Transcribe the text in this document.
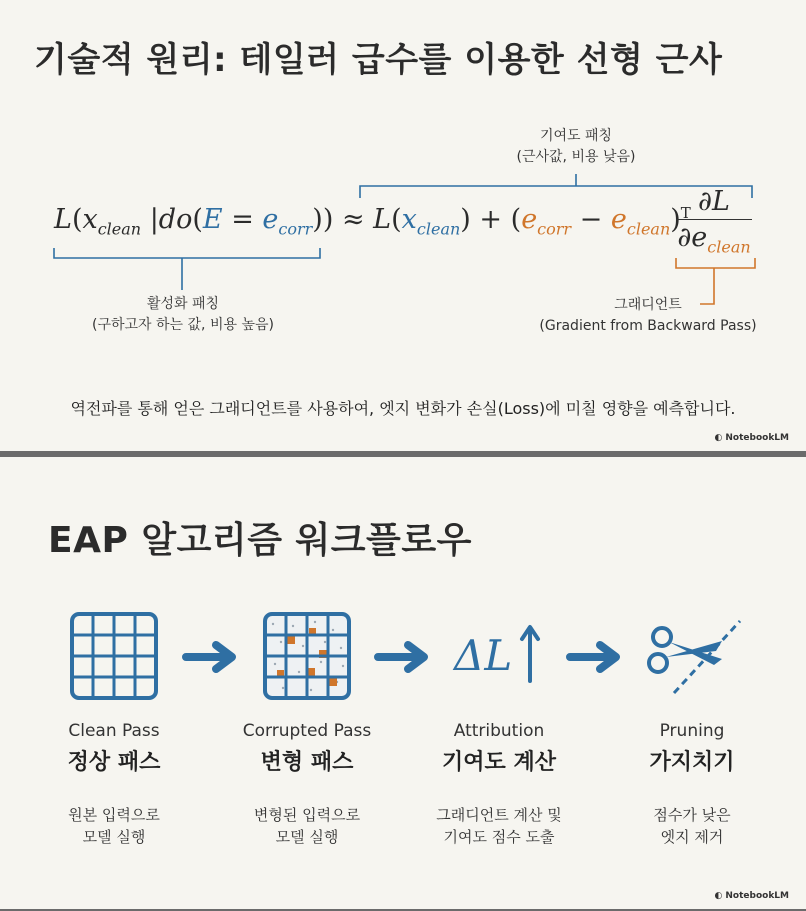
기술적 원리: 테일러 급수를 이용한 선형 근사
기여도 패칭
(근사값, 비용 낮음)
$L(x_{clean}$ $|do(E = e_{corr})) \approx L(x_{clean}) + (e_{corr} - e_{clean})^T$ ∂L
$\partial e_{clean}$
활성화 패칭
(구하고자 하는 값, 비용 높음)
그래디언트
(Gradient from Backward Pass)
역전파를 통해 얻은 그래디언트를 사용하여, 엣지 변화가 손실(Loss)에 미칠 영향을 예측합니다.
◐ NotebookLM
EAP 알고리즘 워크플로우
ΔL
Clean Pass
정상 패스
원본 입력으로
모델 실행
Corrupted Pass
변형 패스
변형된 입력으로
모델 실행
Attribution
기여도 계산
그래디언트 계산 및
기여도 점수 도출
Pruning
가지치기
점수가 낮은
엣지 제거
◐ NotebookLM
